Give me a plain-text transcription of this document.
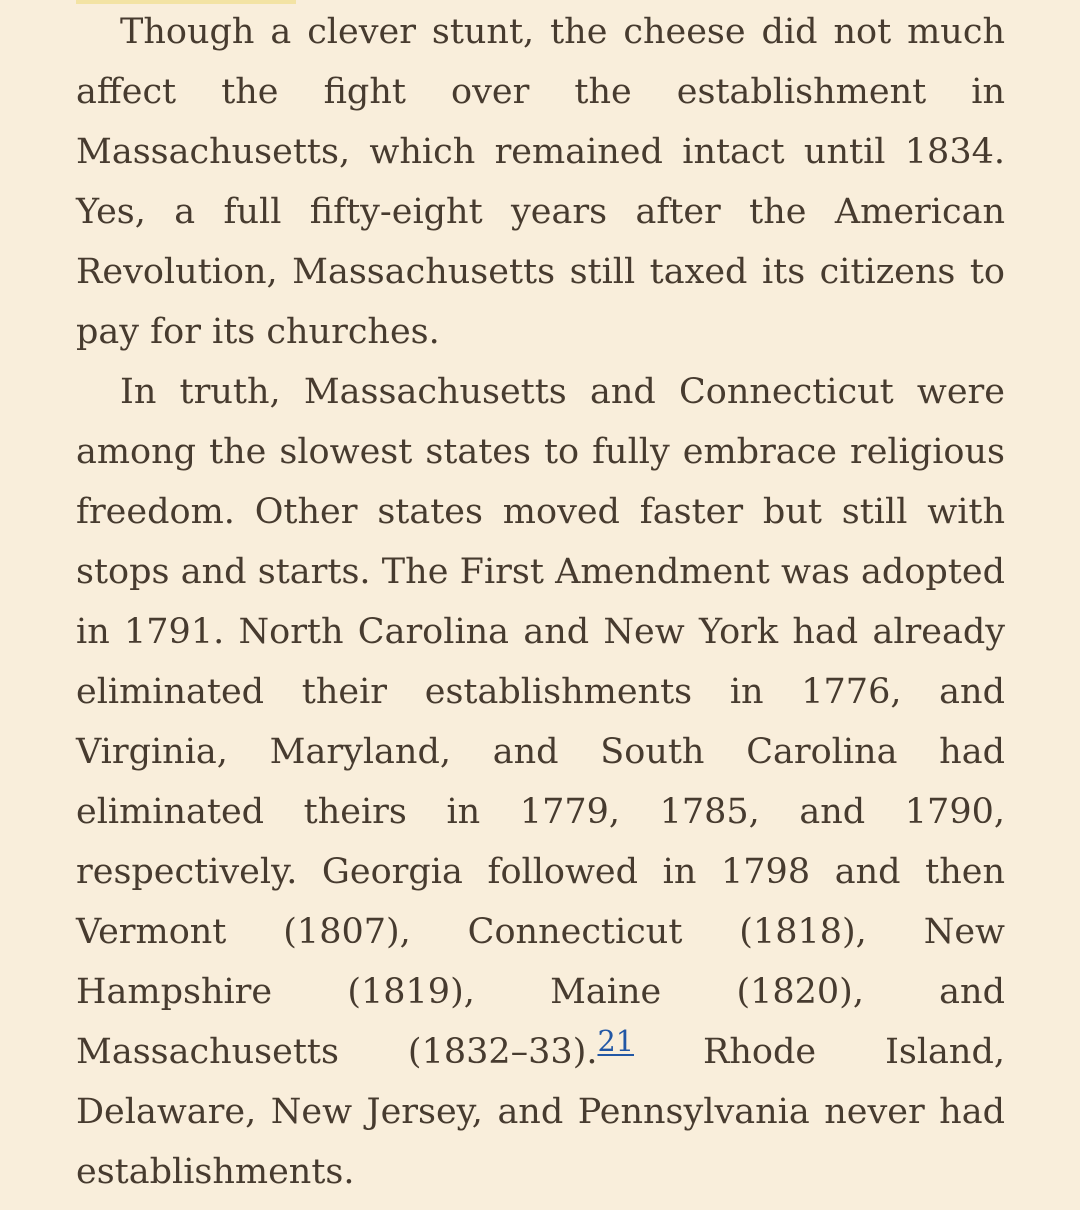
Though a clever stunt, the cheese did not much affect the fight over the establishment in Massachusetts, which remained intact until 1834. Yes, a full fifty-eight years after the American Revolution, Massachusetts still taxed its citizens to pay for its churches.

In truth, Massachusetts and Connecticut were among the slowest states to fully embrace religious freedom. Other states moved faster but still with stops and starts. The First Amendment was adopted in 1791. North Carolina and New York had already eliminated their establishments in 1776, and Virginia, Maryland, and South Carolina had eliminated theirs in 1779, 1785, and 1790, respectively. Georgia followed in 1798 and then Vermont (1807), Connecticut (1818), New Hampshire (1819), Maine (1820), and Massachusetts (1832–33).$^{21}$ Rhode Island, Delaware, New Jersey, and Pennsylvania never had establishments.
